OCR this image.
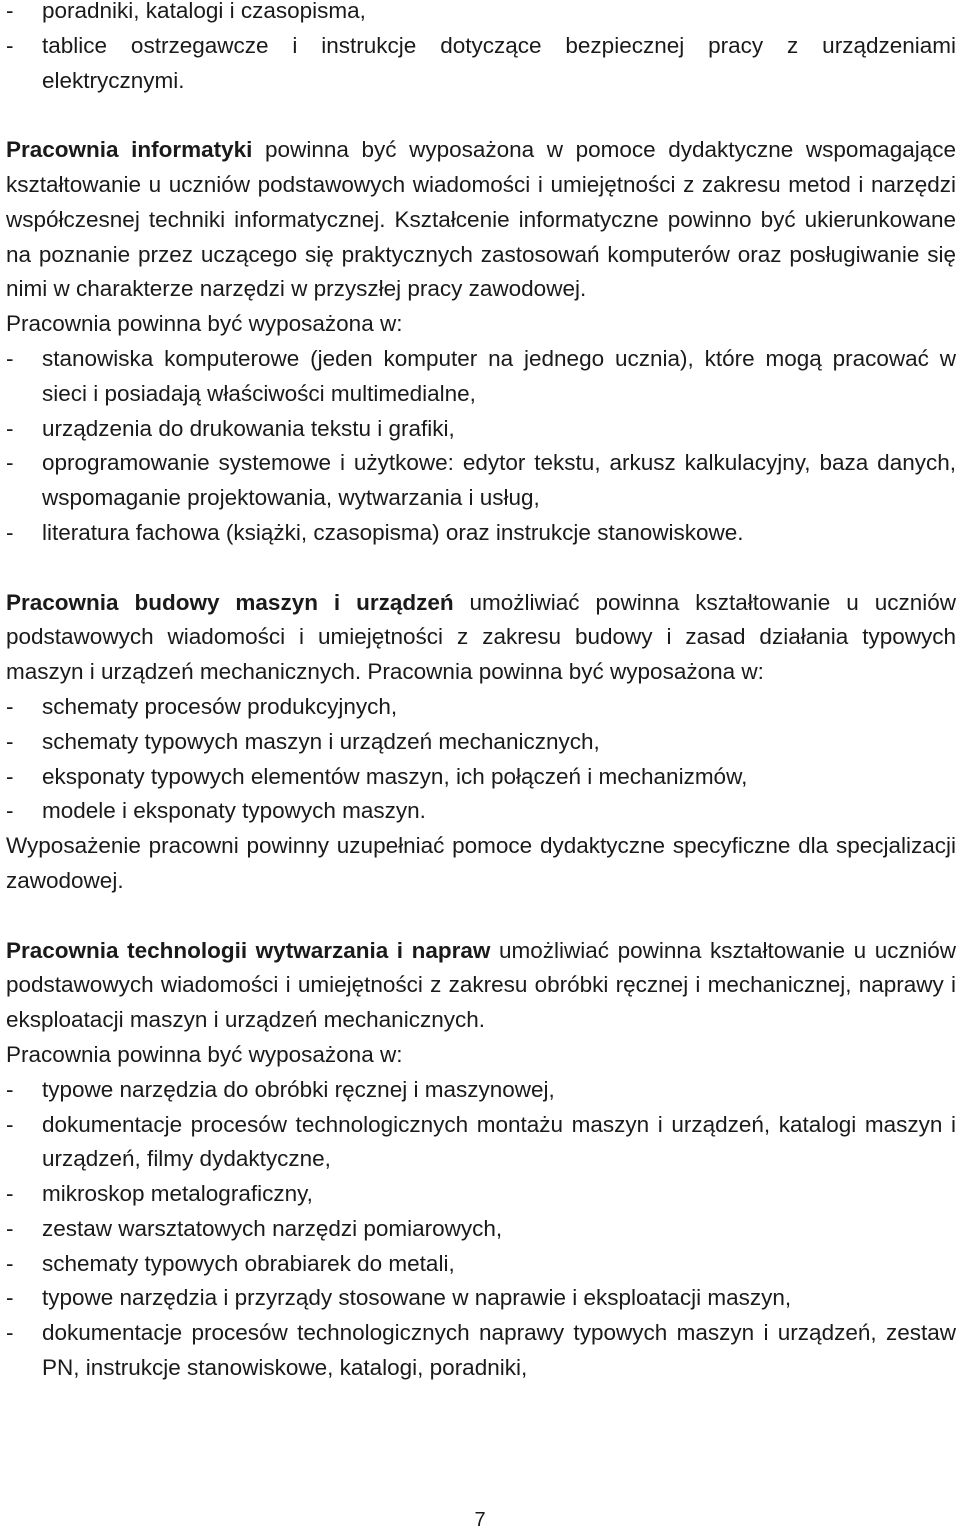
- poradniki, katalogi i czasopisma,
- tablice ostrzegawcze i instrukcje dotyczące bezpiecznej pracy z urządzeniami elektrycznymi.

Pracownia informatyki powinna być wyposażona w pomoce dydaktyczne wspomagające kształtowanie u uczniów podstawowych wiadomości i umiejętności z zakresu metod i narzędzi współczesnej techniki informatycznej. Kształcenie informatyczne powinno być ukierunkowane na poznanie przez uczącego się praktycznych zastosowań komputerów oraz posługiwanie się nimi w charakterze narzędzi w przyszłej pracy zawodowej.

Pracownia powinna być wyposażona w:

- stanowiska komputerowe (jeden komputer na jednego ucznia), które mogą pracować w sieci i posiadają właściwości multimedialne,
- urządzenia do drukowania tekstu i grafiki,
- oprogramowanie systemowe i użytkowe: edytor tekstu, arkusz kalkulacyjny, baza danych, wspomaganie projektowania, wytwarzania i usług,
- literatura fachowa (książki, czasopisma) oraz instrukcje stanowiskowe.

Pracownia budowy maszyn i urządzeń umożliwiać powinna kształtowanie u uczniów podstawowych wiadomości i umiejętności z zakresu budowy i zasad działania typowych maszyn i urządzeń mechanicznych. Pracownia powinna być wyposażona w:

- schematy procesów produkcyjnych,
- schematy typowych maszyn i urządzeń mechanicznych,
- eksponaty typowych elementów maszyn, ich połączeń i mechanizmów,
- modele i eksponaty typowych maszyn.

Wyposażenie pracowni powinny uzupełniać pomoce dydaktyczne specyficzne dla specjalizacji zawodowej.

Pracownia technologii wytwarzania i napraw umożliwiać powinna kształtowanie u uczniów podstawowych wiadomości i umiejętności z zakresu obróbki ręcznej i mechanicznej, naprawy i eksploatacji maszyn i urządzeń mechanicznych.

Pracownia powinna być wyposażona w:

- typowe narzędzia do obróbki ręcznej i maszynowej,
- dokumentacje procesów technologicznych montażu maszyn i urządzeń, katalogi maszyn i urządzeń, filmy dydaktyczne,
- mikroskop metalograficzny,
- zestaw warsztatowych narzędzi pomiarowych,
- schematy typowych obrabiarek do metali,
- typowe narzędzia i przyrządy stosowane w naprawie i eksploatacji maszyn,
- dokumentacje procesów technologicznych naprawy typowych maszyn i urządzeń, zestaw PN, instrukcje stanowiskowe, katalogi, poradniki,
7
